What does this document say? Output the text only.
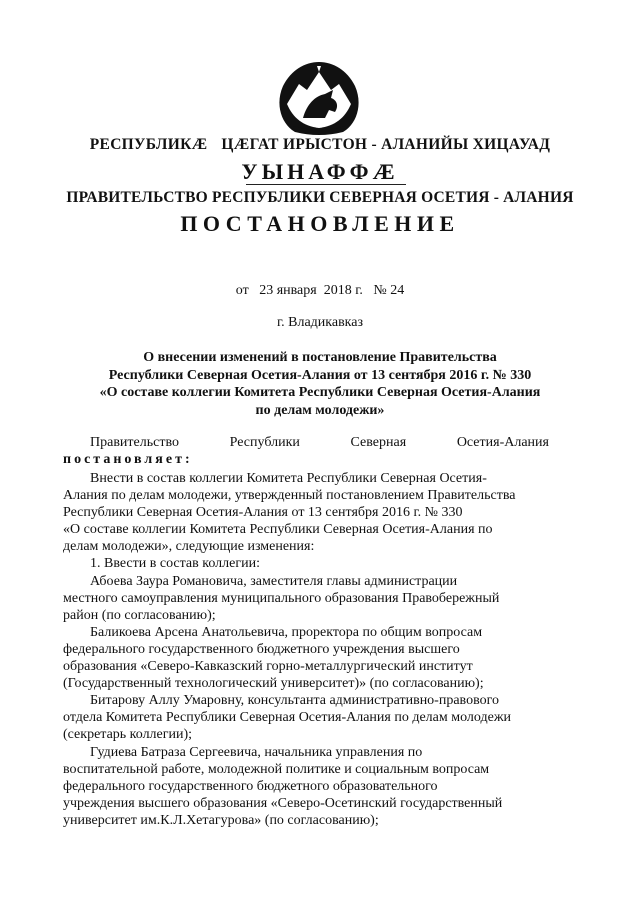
РЕСПУБЛИКÆ ЦÆГАТ ИРЫСТОН - АЛАНИЙЫ ХИЦАУАД
УЫНАФФÆ
ПРАВИТЕЛЬСТВО РЕСПУБЛИКИ СЕВЕРНАЯ ОСЕТИЯ - АЛАНИЯ
ПОСТАНОВЛЕНИЕ
от 23 января 2018 г. № 24
г. Владикавказ
О внесении изменений в постановление Правительства
Республики Северная Осетия-Алания от 13 сентября 2016 г. № 330
«О составе коллегии Комитета Республики Северная Осетия-Алания
по делам молодежи»
Правительство	Республики	Северная	Осетия-Алания
постановляет:
Внести в состав коллегии Комитета Республики Северная Осетия-
Алания по делам молодежи, утвержденный постановлением Правительства
Республики Северная Осетия-Алания от 13 сентября 2016 г. № 330
«О составе коллегии Комитета Республики Северная Осетия-Алания по
делам молодежи», следующие изменения:
1. Ввести в состав коллегии:
Абоева Заура Романовича, заместителя главы администрации
местного самоуправления муниципального образования Правобережный
район (по согласованию);
Баликоева Арсена Анатольевича, проректора по общим вопросам
федерального государственного бюджетного учреждения высшего
образования «Северо-Кавказский горно-металлургический институт
(Государственный технологический университет)» (по согласованию);
Битарову Аллу Умаровну, консультанта административно-правового
отдела Комитета Республики Северная Осетия-Алания по делам молодежи
(секретарь коллегии);
Гудиева Батраза Сергеевича, начальника управления по
воспитательной работе, молодежной политике и социальным вопросам
федерального государственного бюджетного образовательного
учреждения высшего образования «Северо-Осетинский государственный
университет им.К.Л.Хетагурова» (по согласованию);
